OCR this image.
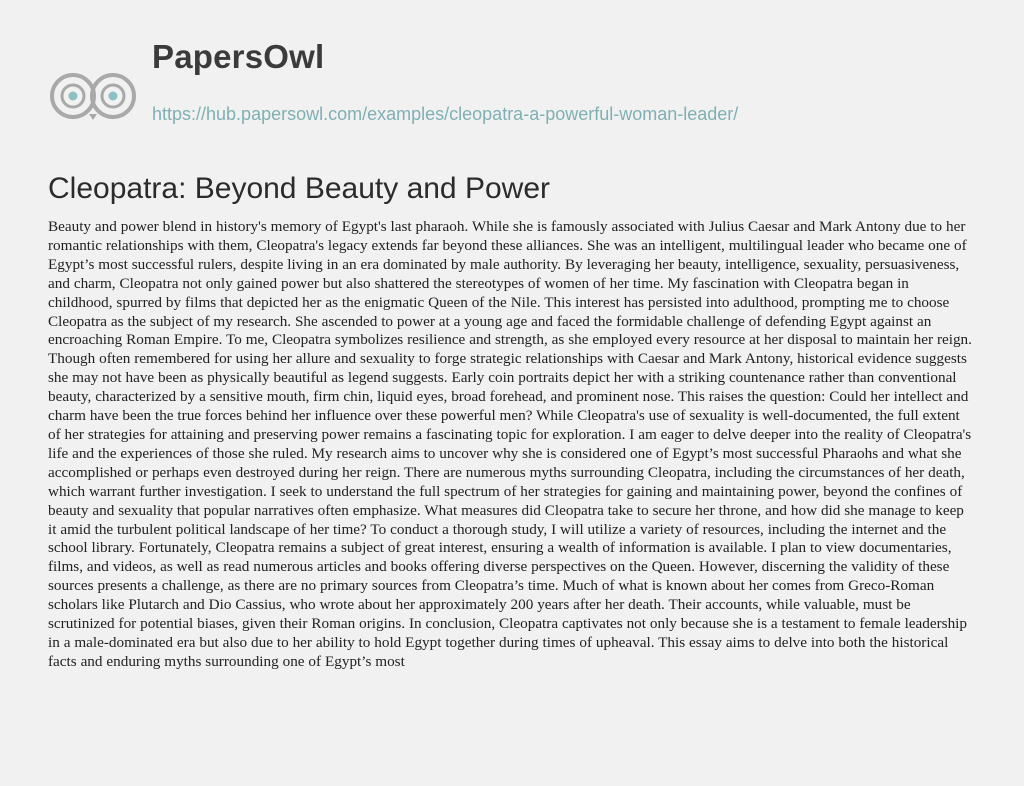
PapersOwl
https://hub.papersowl.com/examples/cleopatra-a-powerful-woman-leader/
Cleopatra: Beyond Beauty and Power

Beauty and power blend in history's memory of Egypt's last pharaoh. While she is famously associated with Julius Caesar and Mark Antony due to her romantic relationships with them, Cleopatra's legacy extends far beyond these alliances. She was an intelligent, multilingual leader who became one of Egypt’s most successful rulers, despite living in an era dominated by male authority. By leveraging her beauty, intelligence, sexuality, persuasiveness, and charm, Cleopatra not only gained power but also shattered the stereotypes of women of her time. My fascination with Cleopatra began in childhood, spurred by films that depicted her as the enigmatic Queen of the Nile. This interest has persisted into adulthood, prompting me to choose Cleopatra as the subject of my research. She ascended to power at a young age and faced the formidable challenge of defending Egypt against an encroaching Roman Empire. To me, Cleopatra symbolizes resilience and strength, as she employed every resource at her disposal to maintain her reign. Though often remembered for using her allure and sexuality to forge strategic relationships with Caesar and Mark Antony, historical evidence suggests she may not have been as physically beautiful as legend suggests. Early coin portraits depict her with a striking countenance rather than conventional beauty, characterized by a sensitive mouth, firm chin, liquid eyes, broad forehead, and prominent nose. This raises the question: Could her intellect and charm have been the true forces behind her influence over these powerful men? While Cleopatra's use of sexuality is well-documented, the full extent of her strategies for attaining and preserving power remains a fascinating topic for exploration. I am eager to delve deeper into the reality of Cleopatra's life and the experiences of those she ruled. My research aims to uncover why she is considered one of Egypt’s most successful Pharaohs and what she accomplished or perhaps even destroyed during her reign. There are numerous myths surrounding Cleopatra, including the circumstances of her death, which warrant further investigation. I seek to understand the full spectrum of her strategies for gaining and maintaining power, beyond the confines of beauty and sexuality that popular narratives often emphasize. What measures did Cleopatra take to secure her throne, and how did she manage to keep it amid the turbulent political landscape of her time? To conduct a thorough study, I will utilize a variety of resources, including the internet and the school library. Fortunately, Cleopatra remains a subject of great interest, ensuring a wealth of information is available. I plan to view documentaries, films, and videos, as well as read numerous articles and books offering diverse perspectives on the Queen. However, discerning the validity of these sources presents a challenge, as there are no primary sources from Cleopatra’s time. Much of what is known about her comes from Greco-Roman scholars like Plutarch and Dio Cassius, who wrote about her approximately 200 years after her death. Their accounts, while valuable, must be scrutinized for potential biases, given their Roman origins. In conclusion, Cleopatra captivates not only because she is a testament to female leadership in a male-dominated era but also due to her ability to hold Egypt together during times of upheaval. This essay aims to delve into both the historical facts and enduring myths surrounding one of Egypt’s most
